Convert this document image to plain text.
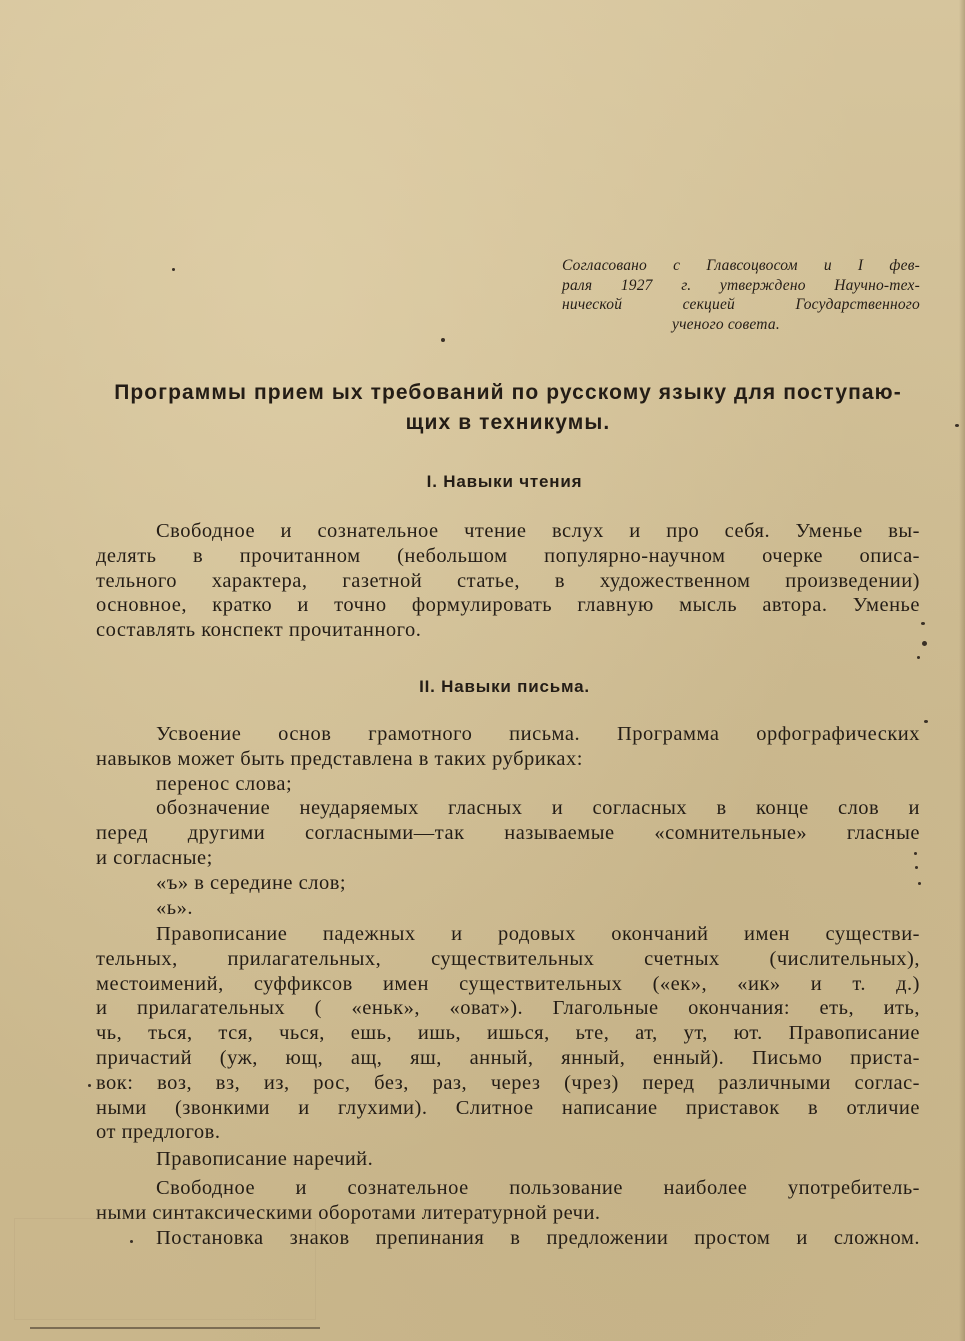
Согласовано с Главсоцвосом и I фев-
раля 1927 г. утверждено Научно-тех-
нической секцией Государственного
ученого совета.
Программы прием ых требований по русскому языку для поступаю-
щих в техникумы.
I. Навыки чтения
Свободное и сознательное чтение вслух и про себя. Уменье вы-
делять в прочитанном (небольшом популярно-научном очерке описа-
тельного характера, газетной статье, в художественном произведении)
основное, кратко и точно формулировать главную мысль автора. Уменье
составлять конспект прочитанного.
II. Навыки письма.
Усвоение основ грамотного письма. Программа орфографических
навыков может быть представлена в таких рубриках:
перенос слова;
обозначение неударяемых гласных и согласных в конце слов и
перед другими согласными—так называемые «сомнительные» гласные
и согласные;
«ъ» в середине слов;
«ь».
Правописание падежных и родовых окончаний имен существи-
тельных, прилагательных, существительных счетных (числительных),
местоимений, суффиксов имен существительных («ек», «ик» и т. д.)
и прилагательных ( «еньк», «оват»). Глагольные окончания: еть, ить,
чь, ться, тся, чься, ешь, ишь, ишься, ьте, ат, ут, ют. Правописание
причастий (уж, ющ, ащ, яш, анный, янный, енный). Письмо приста-
вок: воз, вз, из, рос, без, раз, через (чрез) перед различными соглас-
ными (звонкими и глухими). Слитное написание приставок в отличие
от предлогов.
Правописание наречий.
Свободное и сознательное пользование наиболее употребитель-
ными синтаксическими оборотами литературной речи.
Постановка знаков препинания в предложении простом и сложном.
